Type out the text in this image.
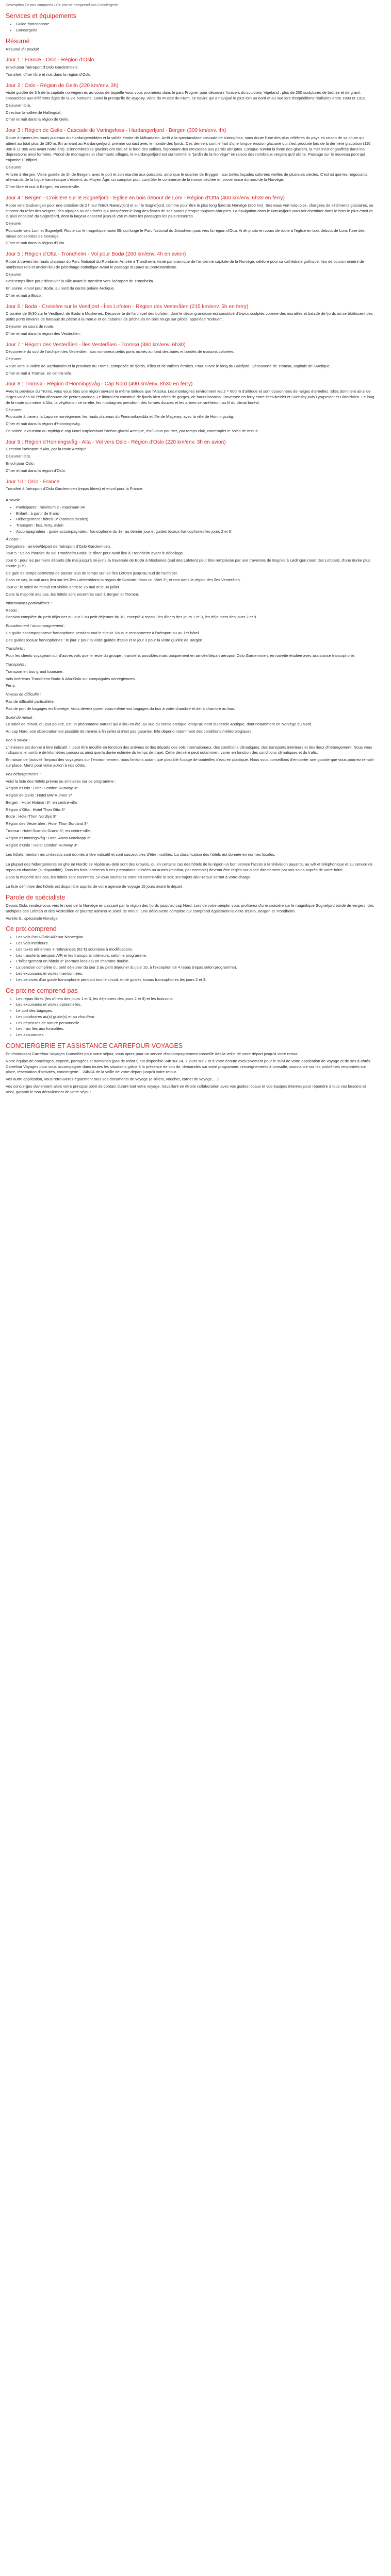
Description Ce prix comprend / Ce prix ne comprend pas Conciergerie
Services et équipements
• Guide francophone
• Concergerie
Résumé

Résumé du produit

Jour 1 : France - Oslo - Région d'Oslo

Envol pour l'aéroport d'Oslo Gardermoen.

Transfert, dîner libre et nuit dans la région d'Oslo.

Jour 2 : Oslo - Région de Geilo (220 km/env. 3h)

Visite guidée de 3 h de la capitale norvégienne, au cours de laquelle vous vous promenez dans le parc Frogner pour découvrir l'univers du sculpteur Vigeland : plus de 200 sculptures de bronze et de granit consacrées aux différents âges de la vie humaine. Dans la presqu'île de Bygdøy, visite du musée du Fram, ce navire qui a navigué le plus loin au nord et au sud lors d'expéditions réalisées entre 1893 et 1912.

Déjeuner libre.

Direction la vallée de Hallingdal.

Dîner et nuit dans la région de Geilo.

Jour 3 : Région de Geilo - Cascade de Vøringsfoss - Hardangerfjord - Bergen (300 km/env. 4h)

Route à travers les hauts plateaux du Hardangervidden et la vallée étroite de Måbødalen. Arrêt à la spectaculaire cascade de Vøringfoss, sans doute l'une des plus célèbres du pays en raison de sa chute qui atteint au total plus de 180 m. En arrivant au Hardangerfjord, premier contact avec le monde des fjords. Ces derniers sont le fruit d'une longue érosion glaciaire qui s'est produite lors de la dernière glaciation (110 000 à 11 000 ans avant notre ère). D'innombrables glaciers ont creusé le fond des vallées, façonnant des crevasses aux parois abruptes. Lorsque survint la fonte des glaciers, la mer s'est engouffrée dans les dépressions ainsi formées. Poncé de montagnes et charmants villages, le Hardangerfjord est surnommé le "jardin de la Norvège" en raison des nombreux vergers qu'il abrite. Passage sur le nouveau pont qui enjambe l'Eidfjord.

Déjeuner.

Arrivée à Bergen. Visite guidée de 2h de Bergen, avec le port et son marché aux poissons, ainsi que le quartier de Bryggen, aux belles façades colorées vieilles de plusieurs siècles. C'est ici que les négociants allemands de la Ligue hanséatique s'étaient, au Moyen Âge, un comptoir pour contrôler le commerce de la morue séchée en provenance du nord de la Norvège.

Dîner libre et nuit à Bergen, en centre-ville.

Jour 4 : Bergen - Croisière sur le Sognefjord - Église en bois debout de Lom - Région d'Otta (400 km/env. 6h30 en ferry)

Route vers Gudvangen pour une croisière de 2 h sur l'étroit Nærøyfjord et sur le Sognefjord, comme pour être le plus long fjord de Norvège (200 km). Ses eaux vert turquoise, chargées de sédiments glaciaires, se citorent du reflet des vergers, des alpages ou des forêts qui prospèrent le long des flancs de ses parois presque toujours abruptes. La navigation dans le Nærøyfjord vous fait cheminer dans le bras le plus étroit et le plus encaissé du Sognefjord, dont la largeur descend jusqu'à 250 m dans les passages les plus resserrés.

Déjeuner.

Poursuite vers Lom et Sognefjell. Route sur le magnifique route 55, qui longe le Parc National du Jotunheim puis vers la région d'Otta. Arrêt photo en cours de route à l'église en bois debout de Lom, l'une des mieux conservées de Norvège.

Dîner et nuit dans la région d'Otta.

Jour 5 : Région d'Otta - Trondheim - Vol pour Bodø (260 km/env. 4h en avion)

Route à travers les hauts plateaux du Parc National du Rondane. Arrivée à Trondheim, visite panoramique de l'ancienne capitale de la Norvège, célèbre pour sa cathédrale gothique, lieu de couronnement de nombreux rois et ancien lieu de pèlerinage catholique avant le passage du pays au protestantisme.

Déjeuner.

Petit temps libre pour découvrir la ville avant le transfert vers l'aéroport de Trondheim.

En soirée, envol pour Bodø, au nord du cercle polaire Arctique.

Dîner et nuit à Bodø.

Jour 6 : Bodø - Croisière sur le Vestfjord - Îles Lofoten - Région des Vesterålen (215 km/env. 5h en ferry)

Croisière de 3h30 sur le Vestfjord, de Bodø à Moskenes. Découverte de l'archipel des Lofoten, dont le décor grandiose est constitué d'à-pics sculptés comme des murailles et baladé de fjords où se blottissent des petits ports envahis de bateaux de pêche à la morue et de cabanes de pêcheurs en bois rouge sur pilotis, appelées "rorbuer".

Déjeuner en cours de route.

Dîner et nuit dans la région des Vesterålen.

Jour 7 : Région des Vesterålen - Îles Vesterålen - Tromsø (380 km/env. 6h30)

Découverte du sud de l'archipel des Vesterålen, aux nombreux petits ports nichés au fond des baies et bordés de maisons colorées.

Déjeuner.

Route vers la vallée de Bardudalen et la province du Troms, composée de fjords, d'îles et de vallées étroites. Pour suivre le long du Balsfjord. Découverte de Tromsø, capitale de l'Arctique.

Dîner et nuit à Tromsø, en centre-ville.

Jour 8 : Tromsø - Région d'Honningsvåg - Cap Nord (490 km/env. 8h30 en ferry)

Avec la province du Troms, vous vous êtes une région ouvrant la même latitude que l'Alaska. Les montagnes environnent les 2 = 600 m d'altitude et sont couronnées de neiges éternelles. Elles dominent ainsi de larges vallées où l'élan découvre de petites prairies. Le littoral est constitué de fjords bien côtés de gorges, de hauts bassins. Traversée en ferry entre Breivikeidet et Svensby puis Lyngseidet et Olderdalen. Le long de la route qui mène à Alta, la végétation se rarefie, les montagnes prendront des formes douces et les arbres se raréfieront au fil du climat boréal.

Déjeuner.

Poursuite à travers la Laponie norvégienne, les hauts plateaux du Finnmarksvidda et l'île de Magerøy, avec la ville de Honningsvåg.

Dîner et nuit dans la région d'Honningsvåg.

En soirée, excursion au mythique cap Nord surplombant l'océan glacial Arctique, d'où vous pourrez, par temps clair, contempler le soleil de minuit.

Jour 9 : Région d'Honningsvåg - Alta - Vol vers Oslo - Région d'Oslo (220 km/env. 3h en avion)

Direction l'aéroport d'Alta, par la route Arctique.

Déjeuner libre.

Envol pour Oslo.

Dîner et nuit dans la région d'Oslo.

Jour 10 : Oslo - France

Transfert à l'aéroport d'Oslo Gardermoen (repas libres) et envol pour la France.

À savoir

• Participants : minimum 2 - maximum 34
• Enfant : à partir de 8 ans
• Hébergement : hôtels 3* (normes locales)
• Transport : bus, ferry, avion
• Accompagnateur : guide accompagnateur francophone du 1er au dernier jour et guides locaux francophones les jours 2 et 3

À noter :

Obligatoire : arrivée/départ de l'aéroport d'Oslo Gardermoen.

Jour 5 : Selon l'horaire du vol Trondheim-Bodø, le dîner peut avoir lieu à Trondheim avant le décollage.

Jour 6 : pour les premiers départs (de mai jusqu'à mi-juin), la traversée de Bodø à Moskenes (sud des Lofoten) peut être remplacée par une traversée de Bognes à Lødingen (nord des Lofoten), d'une durée plus courte (1 h).

Ce gain de temps permettra de passer plus de temps sur les îles Lofoten jusqu'au sud de l'archipel.

Dans ce cas, la nuit aura lieu sur les îles Lofoten/dans la région de Svolvær, dans un hôtel 3*, et non dans la région des îles Vesterålen.

Jour 8 : le soleil de minuit est visible entre le 15 mai et le 30 juillet.

Dans la majorité des cas, les hôtels sont excentrés sauf à Bergen et Tromsø.

Informations particulières :

Repas :

Pension complète du petit déjeuner du jour 2 au petit déjeuner du 10, excepté 4 repas : les dîners des jours 1 et 3, les déjeuners des jours 2 et 9.

Encadrement / accompagnement :

Un guide accompagnateur francophone pendant tout le circuit. Vous le rencontrerez à l'aéroport ou au 1er hôtel.

Des guides locaux francophones : le jour 2 pour la visite guidée d'Oslo et le jour 3 pour la visite guidée de Bergen.

Transferts :

Pour les clients voyageant sur d'autres vols que le reste du groupe : transferts possibles mais uniquement en arrivée/départ aéroport Oslo Gardermoen, en navette étudiée avec assistance francophone.

Transports :

Transport en bus grand tourisme.

Vols intérieurs Trondheim-Bodø & Alta-Oslo sur compagnies norvégiennes.

Ferry.

Niveau de difficulté :

Pas de difficulté particulière.

Pas de port de bagages en Norvège. Vous devrez porter vous-même vos bagages du bus à votre chambre et de la chambre au bus.

Soleil de minuit :

Le soleil de minuit, ou jour polaire, est un phénomène naturel qui a lieu en été, au sud du cercle arctique lorsqu'au nord du cercle Arctique, dont notamment en Norvège du Nord.

Au cap Nord, son observation est possible de mi-mai à fin juillet si n'est pas garantie. Elle dépend notamment des conditions météorologiques.

Bon à savoir :

L'itinéraire est donné à titre indicatif. Il peut être modifié en fonction des arrivées et des départs des vols internationaux, des conditions climatiques, des transports intérieurs et des lieux d'hébergement. Nous vous indiquons le nombre de kilomètres parcourus ainsi que la durée estimée du temps de trajet. Cette dernière peut notamment varier en fonction des conditions climatiques et du trafic.

En raison de l'activité l'impact des voyageurs sur l'environnement, nous limitons autant que possible l'usage de bouteilles d'eau en plastique. Nous vous conseillons d'emporter une gourde que vous pourrez remplir sur place. Merci pour votre action à nos côtés.

Vos hébergements :

Voici la liste des hôtels prévus ou similaires sur ce programme :

Région d'Oslo : Hotel Comfort Runway 3*

Région de Geilo : Hotel BW Rumen 3*

Bergen : Hotel Hotman 3*, en centre-ville.

Région d'Otta : Hotel Thon Otta 3*

Bodø : Hotel Thon Nordlys 3*

Région des Vesterålen : Hotel Thon Sortland 3*

Tromsø : Hotel Scandic Grand 3*, en centre-ville.

Région d'Honningsvåg : Hotel Arran Nordkapp 3*

Région d'Oslo : Hotel Comfort Runway 3*

Les hôtels mentionnés ci-dessus sont donnés à titre indicatif et sont susceptibles d'être modifiés. La classification des hôtels est donnée en normes locales.

La plupart des hébergements en gîte en Nordic se répète au-delà sont des urbains, ou en certains cas des hôtels de la région un bon service l'accès à la télévision payante, au wifi et téléphonique et au service de repas en chambre (si disponible). Tous les frais inhérents à ces prestations utilisées ou autres (minibar, par exemple) devront être réglés sur place directement par vos soins auprès de votre hôtel.

Dans la majorité des cas, les hôtels sont excentrés. Si vous souhaitez sortir en centre-ville le soir, les trajets aller-retour seront à votre charge.

La liste définitive des hôtels est disponible auprès de votre agence de voyage 15 jours avant le départ.

Parole de spécialiste

Depuis Oslo, rendez-vous vers le nord de la Norvège en passant par la région des fjords jusqu'au cap Nord. Lors de votre périple, vous profiterez d'une croisière sur le magnifique Sognefjord bordé de vergers, des archipels des Lofoten et des Vesterålen et pourrez admirer le soleil de minuit. Une découverte complète qui comprend également la visite d'Oslo, Bergen et Trondheim.

Aurélie S., spécialiste Norvège

Ce prix comprend
• Les vols Paris/Oslo A/R sur Norwegian.
• Les vols intérieurs.
• Les taxes aériennes + redevances (62 €) soumises à modifications.
• Les transferts aéroport A/R et les transports intérieurs, selon le programme.
• L'hébergement en hôtels 3* (normes locales) en chambre double.
• La pension complète du petit déjeuner du jour 2 au petit déjeuner du jour 10, à l'exception de 4 repas (repas selon programme).
• Les excursions et visites mentionnées.
• Les services d'un guide francophone pendant tout le circuit, et de guides locaux francophones les jours 2 et 3.
Ce prix ne comprend pas
• Les repas libres (les dîners des jours 1 et 3, les déjeuners des jours 2 et 9) et les boissons.
• Les excursions et visites optionnelles.
• Le port des bagages.
• Les pourboires au(x) guide(s) et au chauffeur.
• Les dépenses de nature personnelle.
• Les frais liés aux formalités.
• Les assurances.
CONCIERGERIE ET ASSISTANCE CARREFOUR VOYAGES

En choisissant Carrefour Voyages Conseiller pour votre séjour, vous optez pour un service d'accompagnement conseillé dès la veille de votre départ jusqu'à votre retour.

Notre équipe de concierges, experte, partagées et humaines (pas de robot !) est disponible 24h sur 24, 7 jours sur 7 et à votre écoute exclusivement pour le suivi de votre application de voyage et de ses à-côtés. Carrefour Voyages pour vous accompagner dans toutes les situations grâce à la présence de son de, demandes sur votre programme, renseignements à consulté, assistance sur les problèmes rencontrés sur place, réservation d'activités, conciergerie... 24h/24 de la veille de votre départ jusqu'à votre retour.

Vos autre application, vous retrouverez également tous vos documents de voyage (e-billets, voucher, carnet de voyage, ...).

Vos concierges deviennent alors votre principal point de contact durant tout votre voyage, travaillant en étroite collaboration avec vos guides locaux et vos équipes internes pour répondre à tous vos besoins et ainsi, garantir le bon déroulement de votre séjour.
